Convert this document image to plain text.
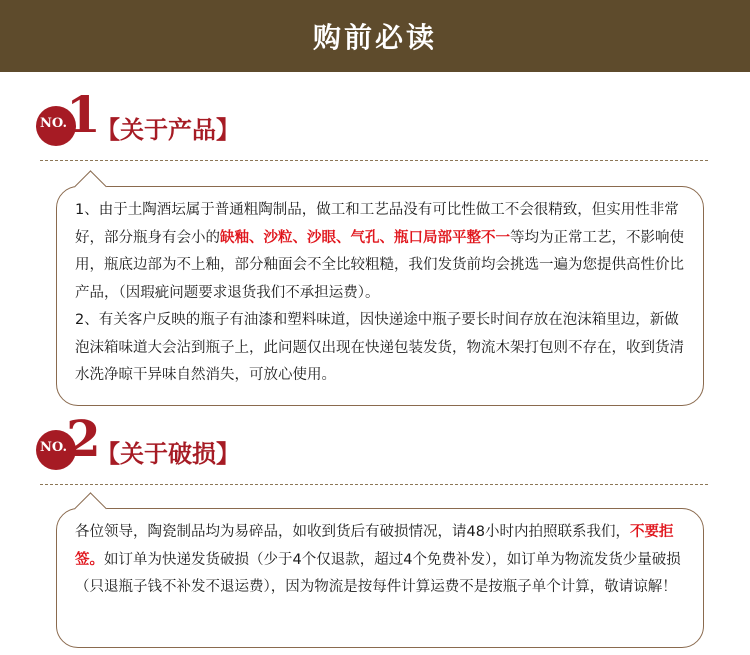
购前必读
NO. 1
【关于产品】

1、由于土陶酒坛属于普通粗陶制品，做工和工艺品没有可比性做工不会很精致，但实用性非常好，部分瓶身有会小的缺釉、沙粒、沙眼、气孔、瓶口局部平整不一等均为正常工艺，不影响使用，瓶底边部为不上釉，部分釉面会不全比较粗糙，我们发货前均会挑选一遍为您提供高性价比产品，（因瑕疵问题要求退货我们不承担运费）。

2、有关客户反映的瓶子有油漆和塑料味道，因快递途中瓶子要长时间存放在泡沫箱里边，新做泡沫箱味道大会沾到瓶子上，此问题仅出现在快递包装发货，物流木架打包则不存在，收到货清水洗净晾干异味自然消失，可放心使用。

NO. 2
【关于破损】

各位领导，陶瓷制品均为易碎品，如收到货后有破损情况，请48小时内拍照联系我们，不要拒签。如订单为快递发货破损（少于4个仅退款，超过4个免费补发），如订单为物流发货少量破损（只退瓶子钱不补发不退运费），因为物流是按每件计算运费不是按瓶子单个计算，敬请谅解！
